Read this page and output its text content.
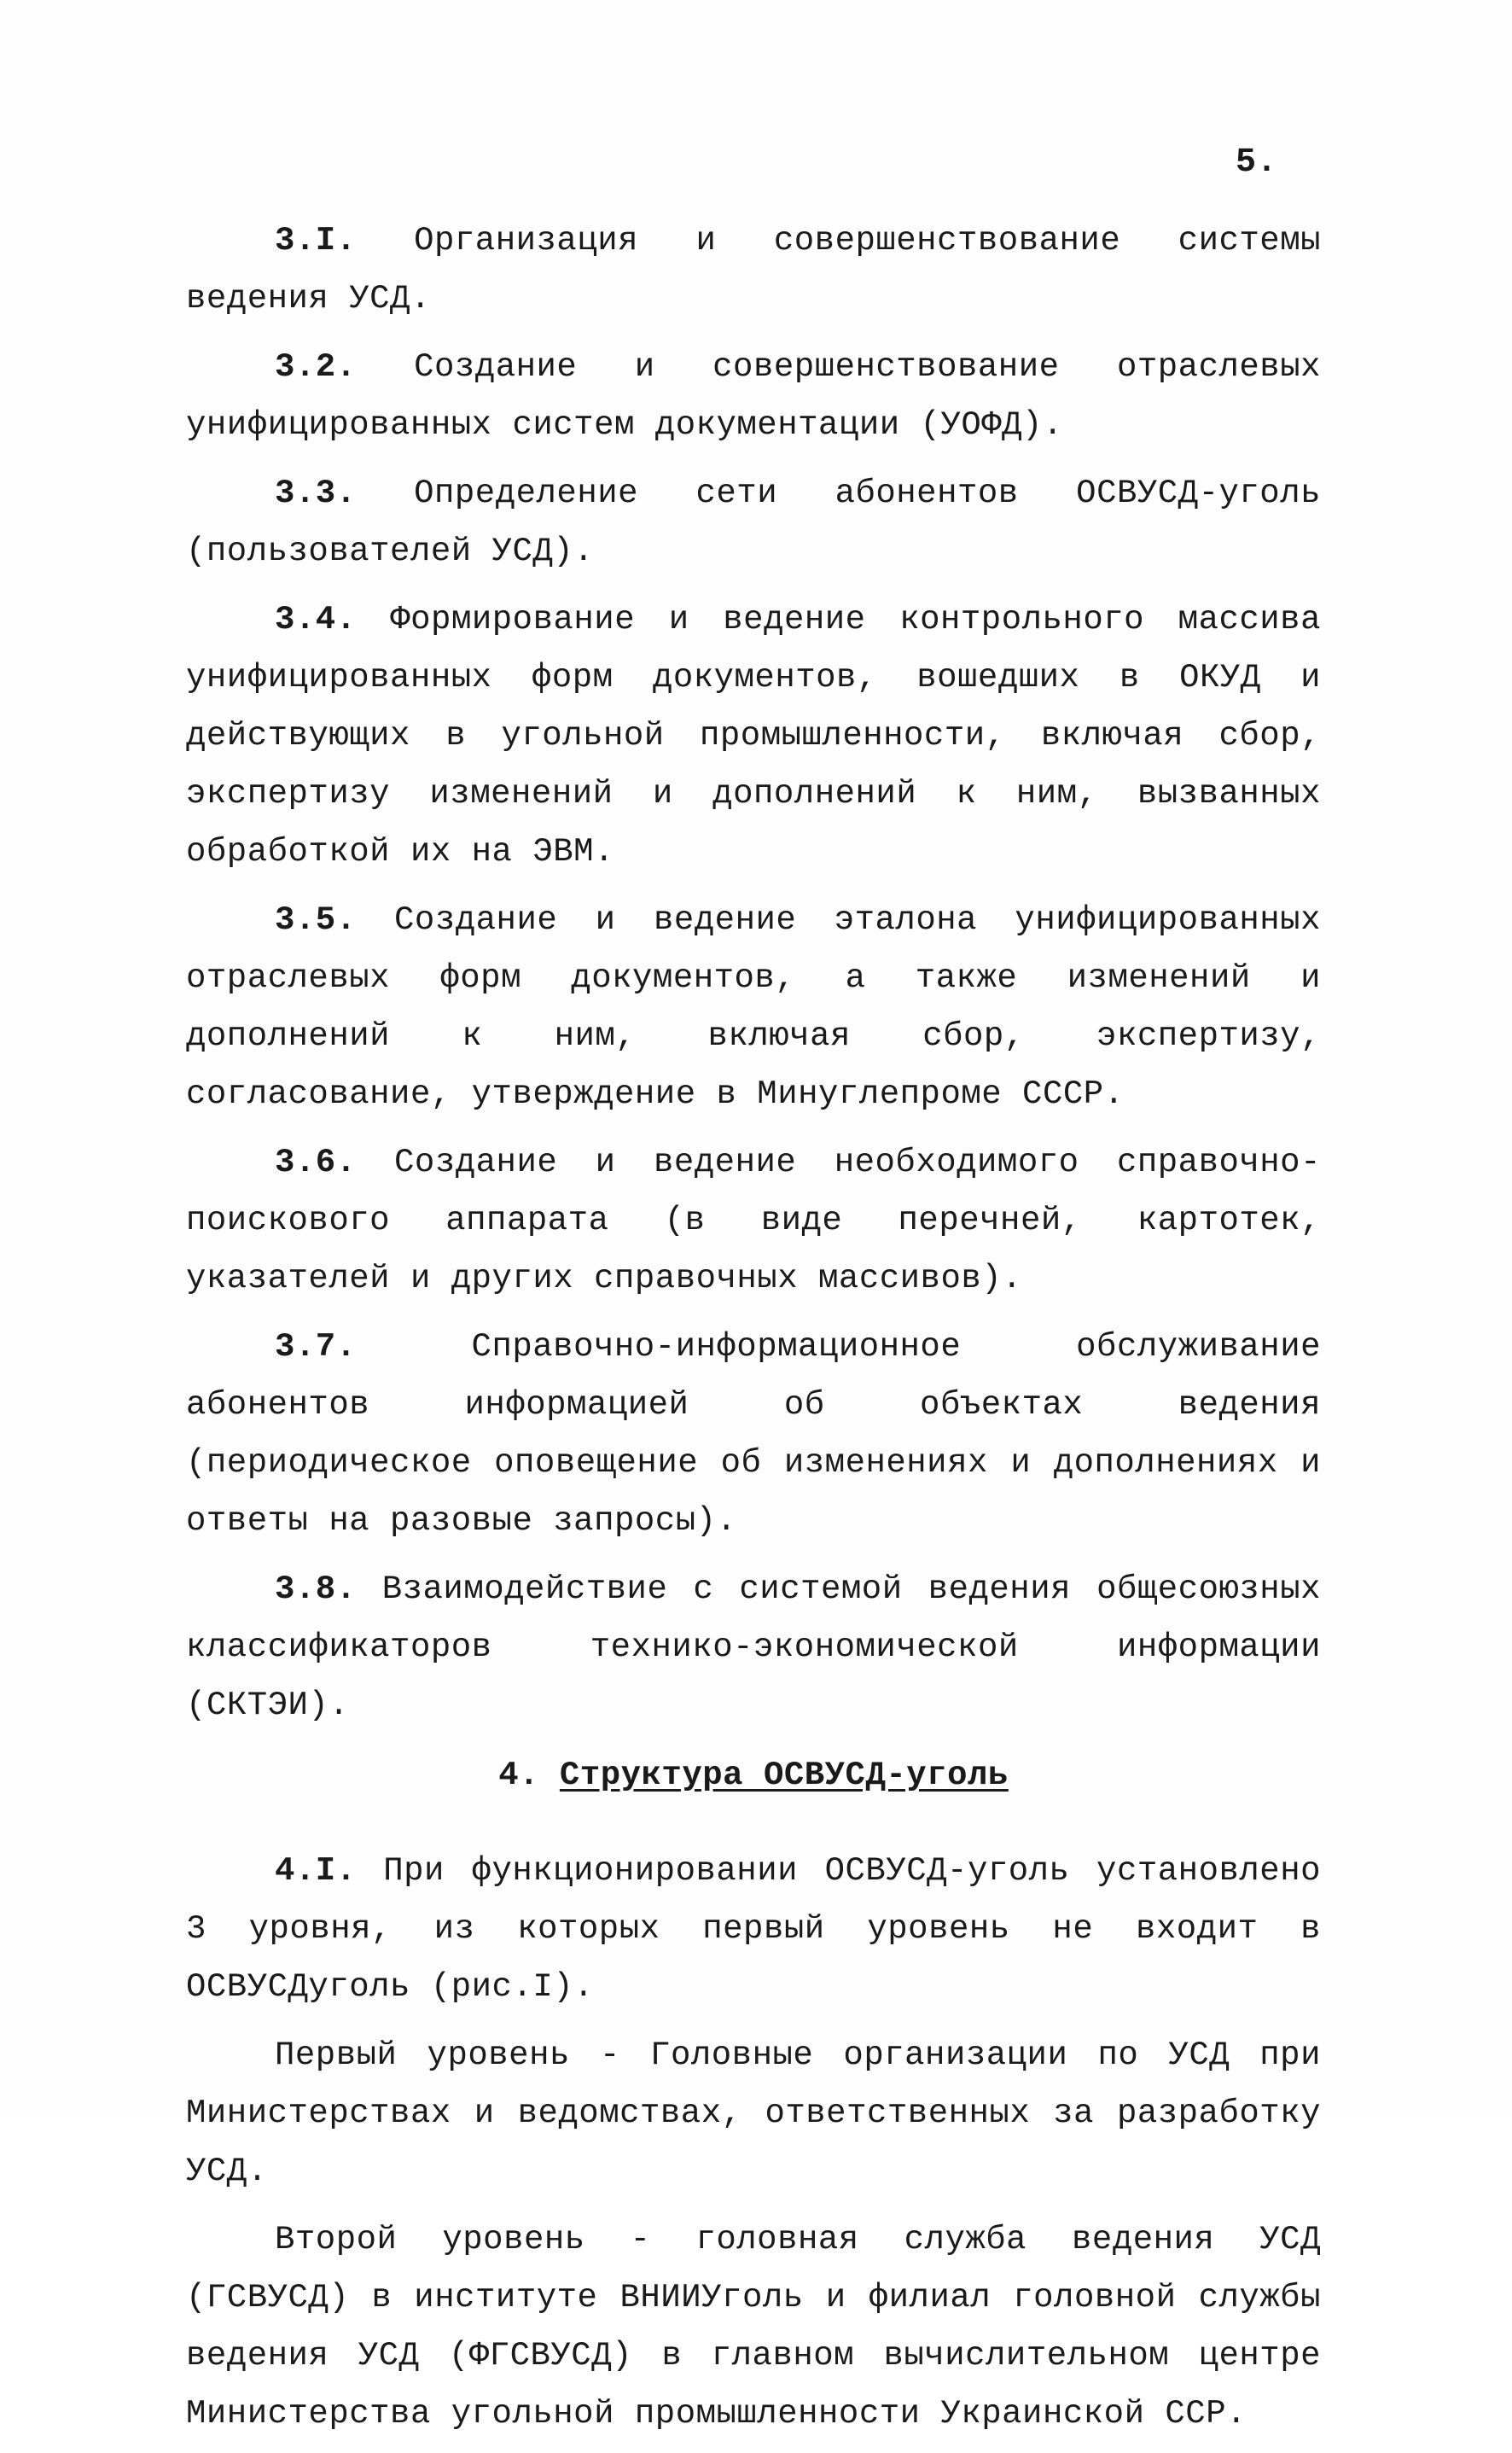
5.

3.I. Организация и совершенствование системы ведения УСД.

3.2. Создание и совершенствование отраслевых унифицированных систем документации (УОФД).

3.3. Определение сети абонентов ОСВУСД-уголь (пользователей УСД).

3.4. Формирование и ведение контрольного массива унифицированных форм документов, вошедших в ОКУД и действующих в угольной промышленности, включая сбор, экспертизу изменений и дополнений к ним, вызванных обработкой их на ЭВМ.

3.5. Создание и ведение эталона унифицированных отраслевых форм документов, а также изменений и дополнений к ним, включая сбор, экспертизу, согласование, утверждение в Минуглепроме СССР.

3.6. Создание и ведение необходимого справочно-поискового аппарата (в виде перечней, картотек, указателей и других справочных массивов).

3.7.	Справочно-информационное обслуживание абонентов информацией об объектах ведения (периодическое оповещение об изменениях и дополнениях и ответы на разовые запросы).

3.8. Взаимодействие с системой ведения общесоюзных классификаторов технико-экономической информации (СКТЭИ).

4. Структура ОСВУСД-уголь

4.I. При функционировании ОСВУСД-уголь установлено 3 уровня, из которых первый уровень не входит в ОСВУСДуголь (рис.I).

Первый уровень - Головные организации по УСД при Министерствах и ведомствах, ответственных за разработку УСД.

Второй уровень - головная служба ведения УСД (ГСВУСД) в институте ВНИИУголь и филиал головной службы ведения УСД (ФГСВУСД) в главном вычислительном центре Министерства угольной промышленности Украинской ССР.
